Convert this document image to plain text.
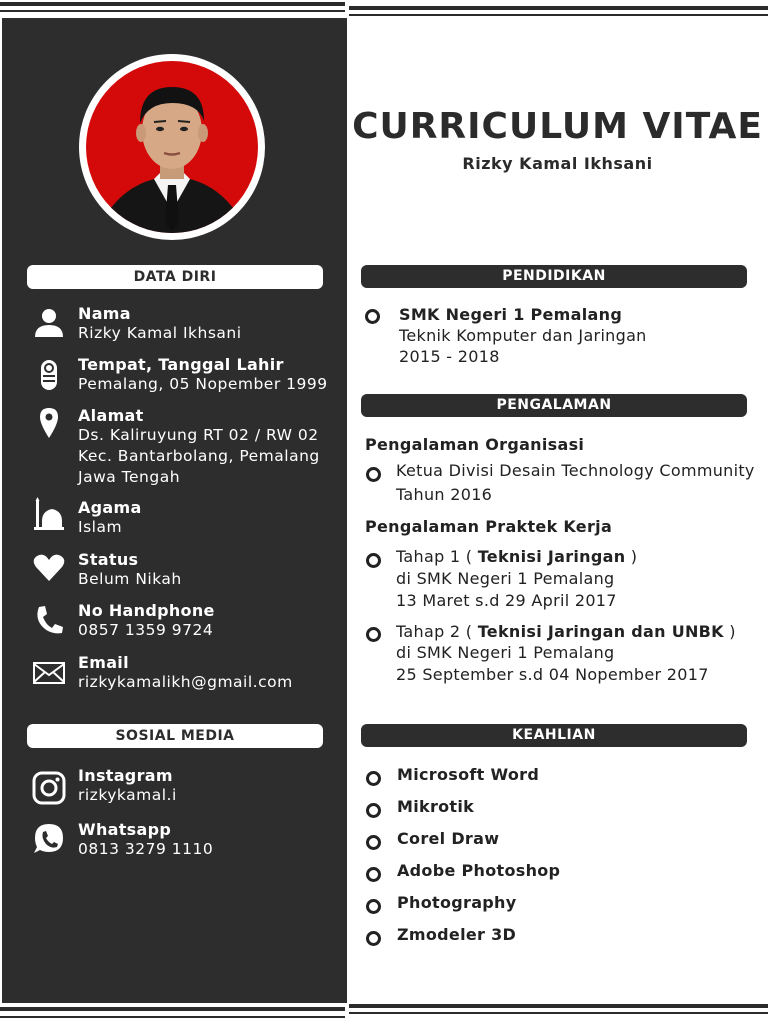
DATA DIRI
Nama
Rizky Kamal Ikhsani
Tempat, Tanggal Lahir
Pemalang, 05 Nopember 1999
Alamat
Ds. Kaliruyung RT 02 / RW 02
Kec. Bantarbolang, Pemalang
Jawa Tengah
Agama
Islam
Status
Belum Nikah
No Handphone
0857 1359 9724
Email
rizkykamalikh@gmail.com
SOSIAL MEDIA
Instagram
rizkykamal.i
Whatsapp
0813 3279 1110
CURRICULUM VITAE
Rizky Kamal Ikhsani
PENDIDIKAN
SMK Negeri 1 Pemalang
Teknik Komputer dan Jaringan
2015 - 2018
PENGALAMAN
Pengalaman Organisasi
Ketua Divisi Desain Technology Community
Tahun 2016
Pengalaman Praktek Kerja
Tahap 1 ( Teknisi Jaringan )
di SMK Negeri 1 Pemalang
13 Maret s.d 29 April 2017
Tahap 2 ( Teknisi Jaringan dan UNBK )
di SMK Negeri 1 Pemalang
25 September s.d 04 Nopember 2017
KEAHLIAN
Microsoft Word
Mikrotik
Corel Draw
Adobe Photoshop
Photography
Zmodeler 3D
